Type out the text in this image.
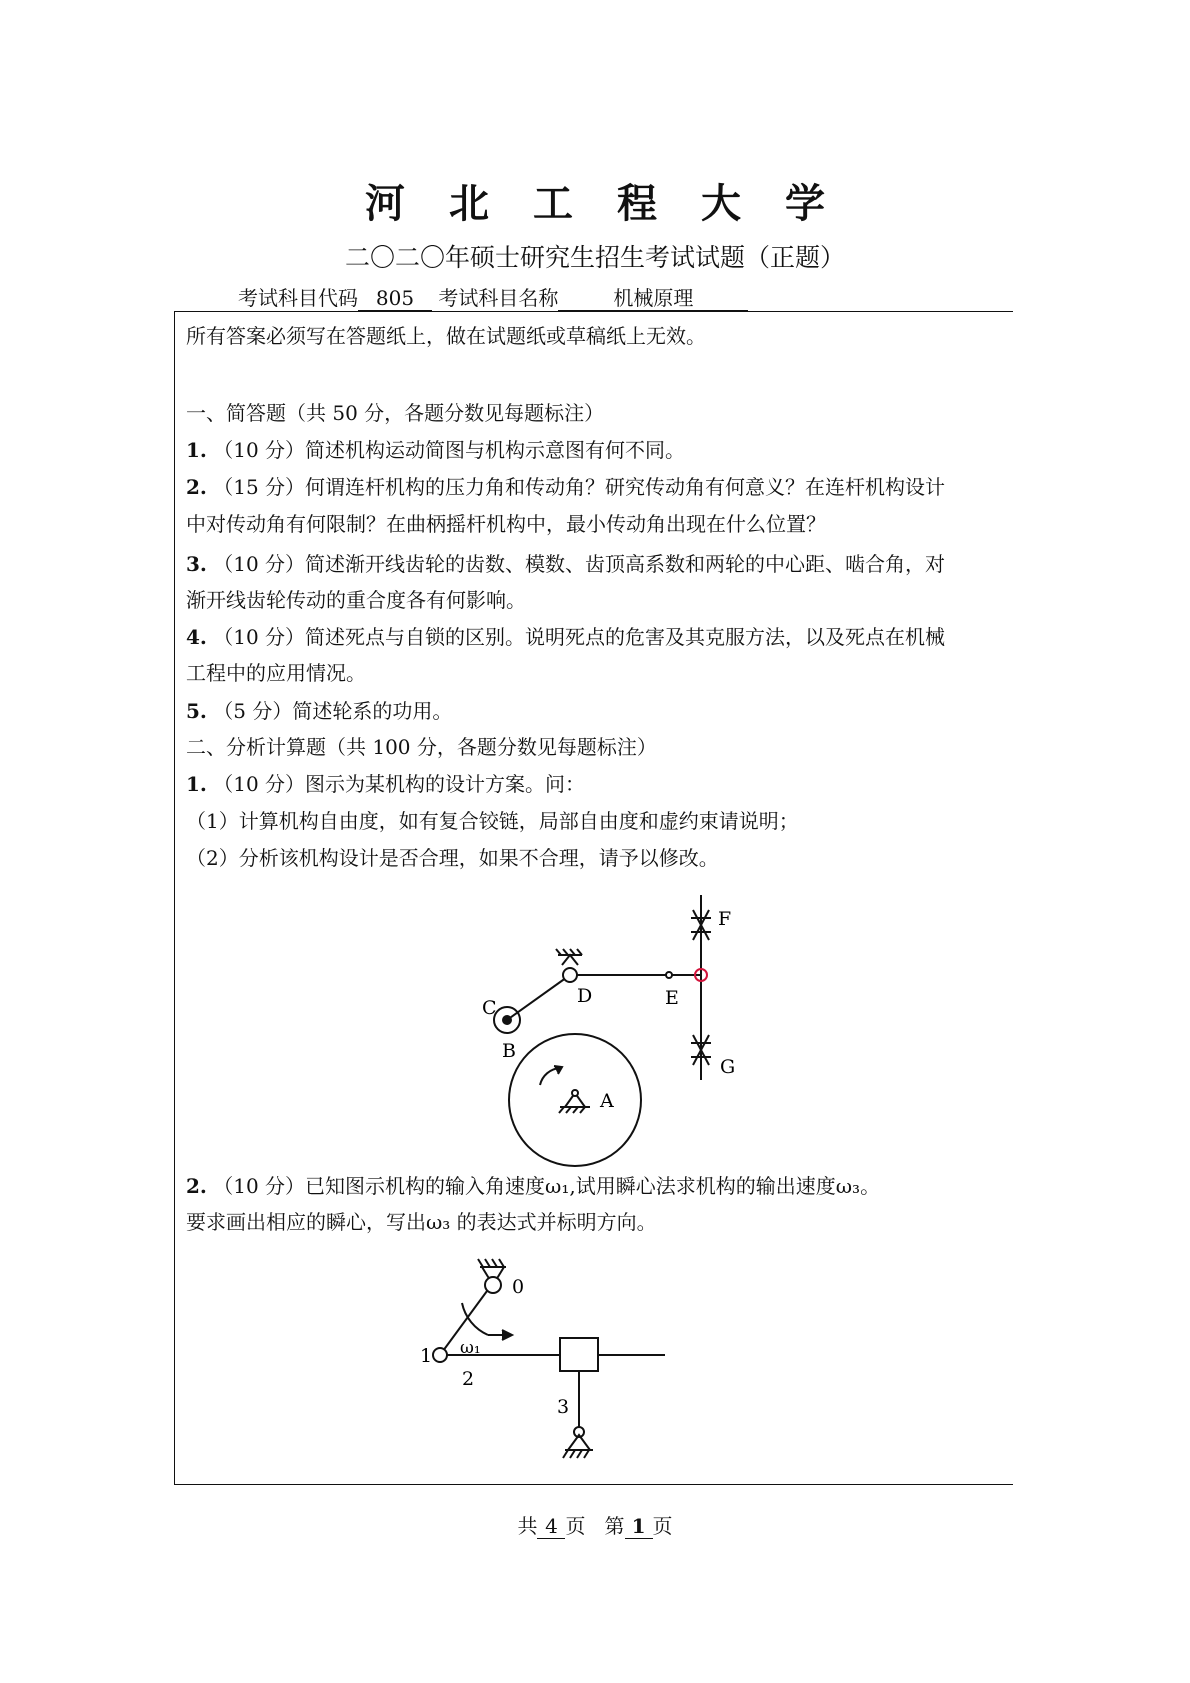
河北工程大学
二〇二〇年硕士研究生招生考试试题（正题）
考试科目代码 805 考试科目名称	机械原理
所有答案必须写在答题纸上，做在试题纸或草稿纸上无效。
一、简答题（共 50 分，各题分数见每题标注）
1. （10 分）简述机构运动简图与机构示意图有何不同。
2. （15 分）何谓连杆机构的压力角和传动角？研究传动角有何意义？在连杆机构设计
中对传动角有何限制？在曲柄摇杆机构中，最小传动角出现在什么位置？
3. （10 分）简述渐开线齿轮的齿数、模数、齿顶高系数和两轮的中心距、啮合角，对
渐开线齿轮传动的重合度各有何影响。
4. （10 分）简述死点与自锁的区别。说明死点的危害及其克服方法，以及死点在机械
工程中的应用情况。
5. （5 分）简述轮系的功用。
二、分析计算题（共 100 分，各题分数见每题标注）
1. （10 分）图示为某机构的设计方案。问：
（1）计算机构自由度，如有复合铰链，局部自由度和虚约束请说明；
（2）分析该机构设计是否合理，如果不合理，请予以修改。
F
E
D
C
B
A
G
2. （10 分）已知图示机构的输入角速度ω₁,试用瞬心法求机构的输出速度ω₃。
要求画出相应的瞬心，写出ω₃ 的表达式并标明方向。
0
1 ω₁
2
3
共 4 页 第 1 页
